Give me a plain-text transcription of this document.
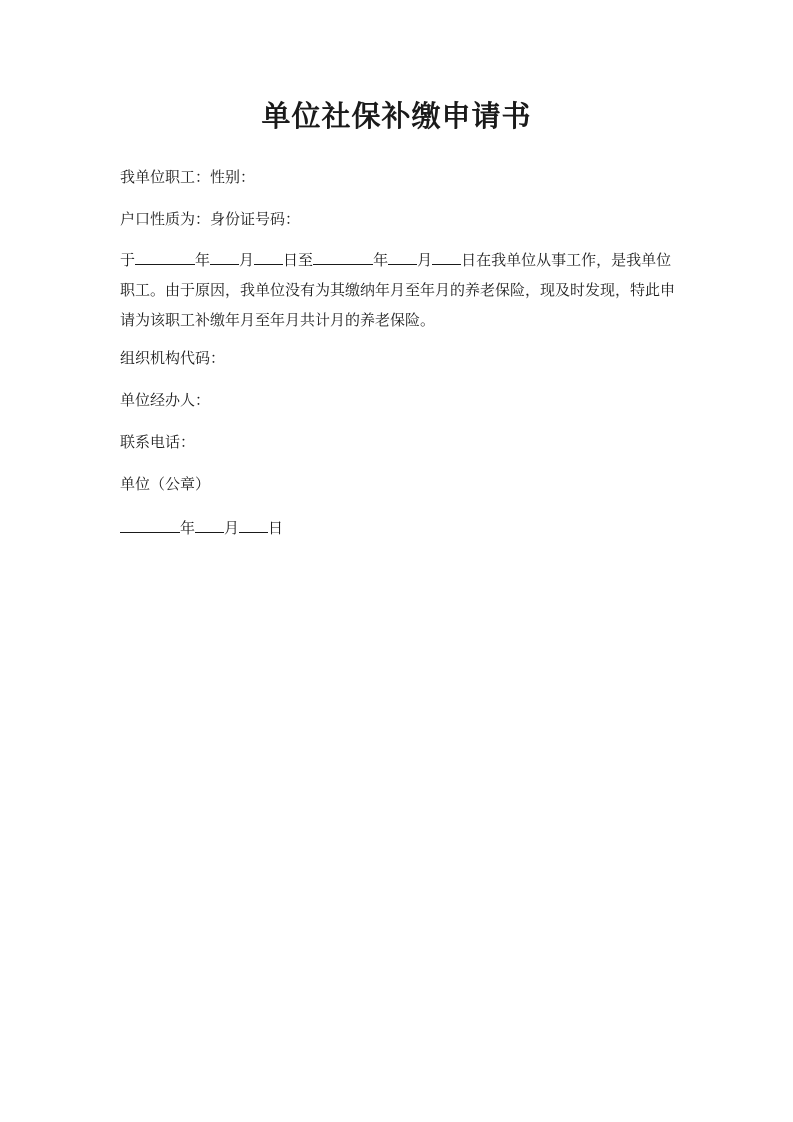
单位社保补缴申请书

我单位职工：性别：

户口性质为：身份证号码：

于	年 月 日至	年 月 日在我单位从事工作，是我单位
职工。由于原因，我单位没有为其缴纳年月至年月的养老保险，现及时发现，特此申
请为该职工补缴年月至年月共计月的养老保险。

组织机构代码：

单位经办人：

联系电话：

单位（公章）

年 月 日
